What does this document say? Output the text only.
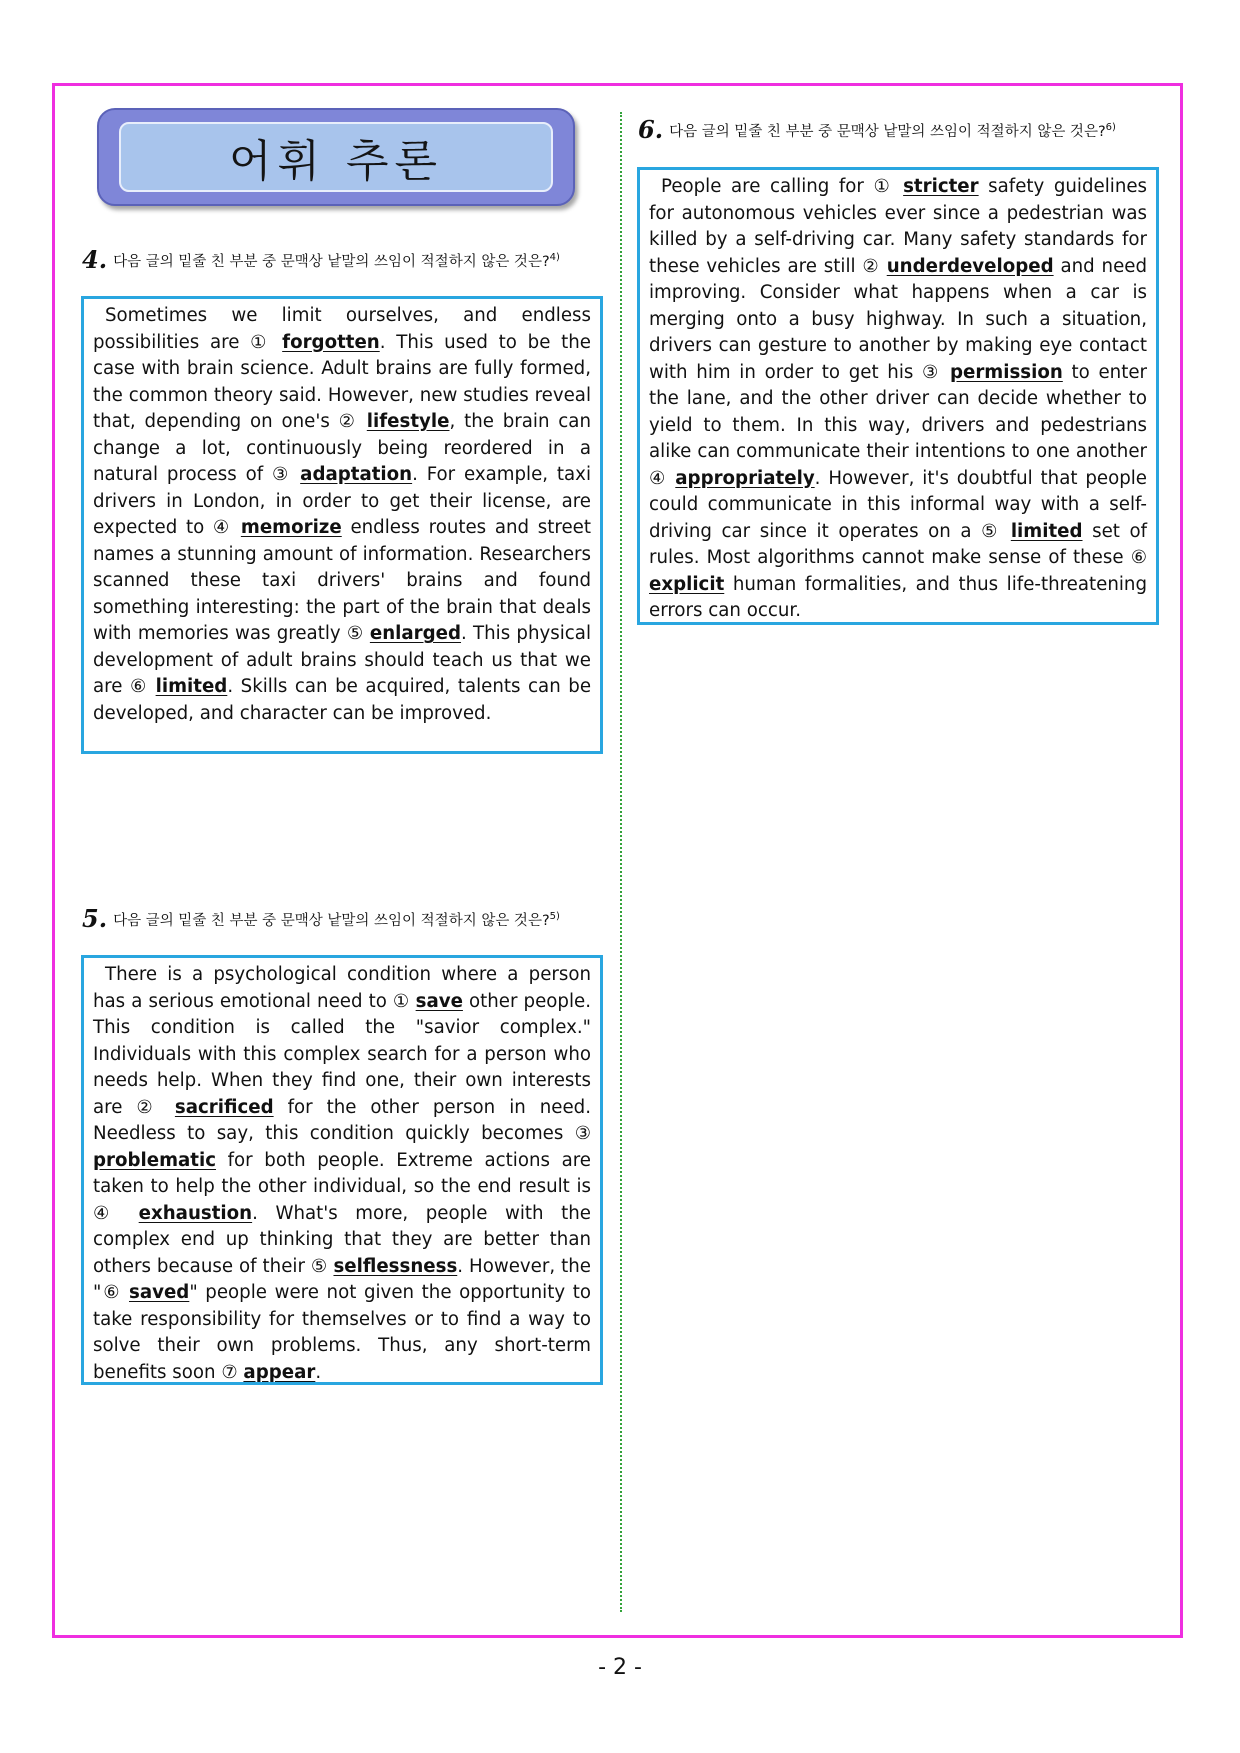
어휘 추론
4. 다음 글의 밑줄 친 부분 중 문맥상 낱말의 쓰임이 적절하지 않은 것은?$^{4)}$

Sometimes we limit ourselves, and endless possibilities are ① forgotten. This used to be the case with brain science. Adult brains are fully formed, the common theory said. However, new studies reveal that, depending on one's ② lifestyle, the brain can change a lot, continuously being reordered in a natural process of ③ adaptation. For example, taxi drivers in London, in order to get their license, are expected to ④ memorize endless routes and street names a stunning amount of information. Researchers scanned these taxi drivers' brains and found something interesting: the part of the brain that deals with memories was greatly ⑤ enlarged. This physical development of adult brains should teach us that we are ⑥ limited. Skills can be acquired, talents can be developed, and character can be improved.

5. 다음 글의 밑줄 친 부분 중 문맥상 낱말의 쓰임이 적절하지 않은 것은?$^{5)}$

There is a psychological condition where a person has a serious emotional need to ① save other people. This condition is called the "savior complex." Individuals with this complex search for a person who needs help. When they find one, their own interests are ② sacrificed for the other person in need. Needless to say, this condition quickly becomes ③ problematic for both people. Extreme actions are taken to help the other individual, so the end result is ④ exhaustion. What's more, people with the complex end up thinking that they are better than others because of their ⑤ selflessness. However, the "⑥ saved" people were not given the opportunity to take responsibility for themselves or to find a way to solve their own problems. Thus, any short-term benefits soon ⑦ appear.

6. 다음 글의 밑줄 친 부분 중 문맥상 낱말의 쓰임이 적절하지 않은 것은?$^{6)}$

People are calling for ① stricter safety guidelines for autonomous vehicles ever since a pedestrian was killed by a self-driving car. Many safety standards for these vehicles are still ② underdeveloped and need improving. Consider what happens when a car is merging onto a busy highway. In such a situation, drivers can gesture to another by making eye contact with him in order to get his ③ permission to enter the lane, and the other driver can decide whether to yield to them. In this way, drivers and pedestrians alike can communicate their intentions to one another ④ appropriately. However, it's doubtful that people could communicate in this informal way with a self-driving car since it operates on a ⑤ limited set of rules. Most algorithms cannot make sense of these ⑥ explicit human formalities, and thus life-threatening errors can occur.

- 2 -
